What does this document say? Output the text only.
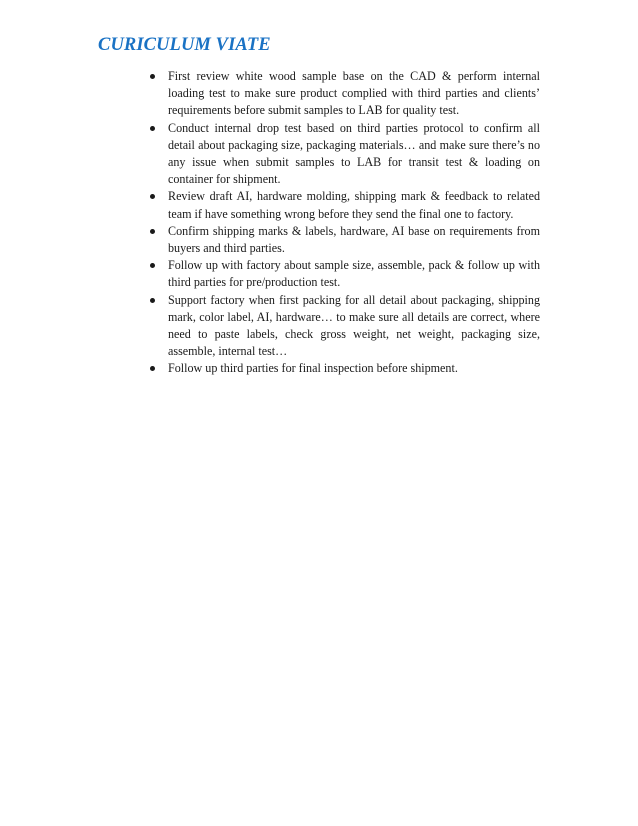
CURICULUM VIATE
First review white wood sample base on the CAD & perform internal loading test to make sure product complied with third parties and clients’ requirements before submit samples to LAB for quality test.
Conduct internal drop test based on third parties protocol to confirm all detail about packaging size, packaging materials… and make sure there’s no any issue when submit samples to LAB for transit test & loading on container for shipment.
Review draft AI, hardware molding, shipping mark & feedback to related team if have something wrong before they send the final one to factory.
Confirm shipping marks & labels, hardware, AI base on requirements from buyers and third parties.
Follow up with factory about sample size, assemble, pack & follow up with third parties for pre/production test.
Support factory when first packing for all detail about packaging, shipping mark, color label, AI, hardware… to make sure all details are correct, where need to paste labels, check gross weight, net weight, packaging size, assemble, internal test…
Follow up third parties for final inspection before shipment.
